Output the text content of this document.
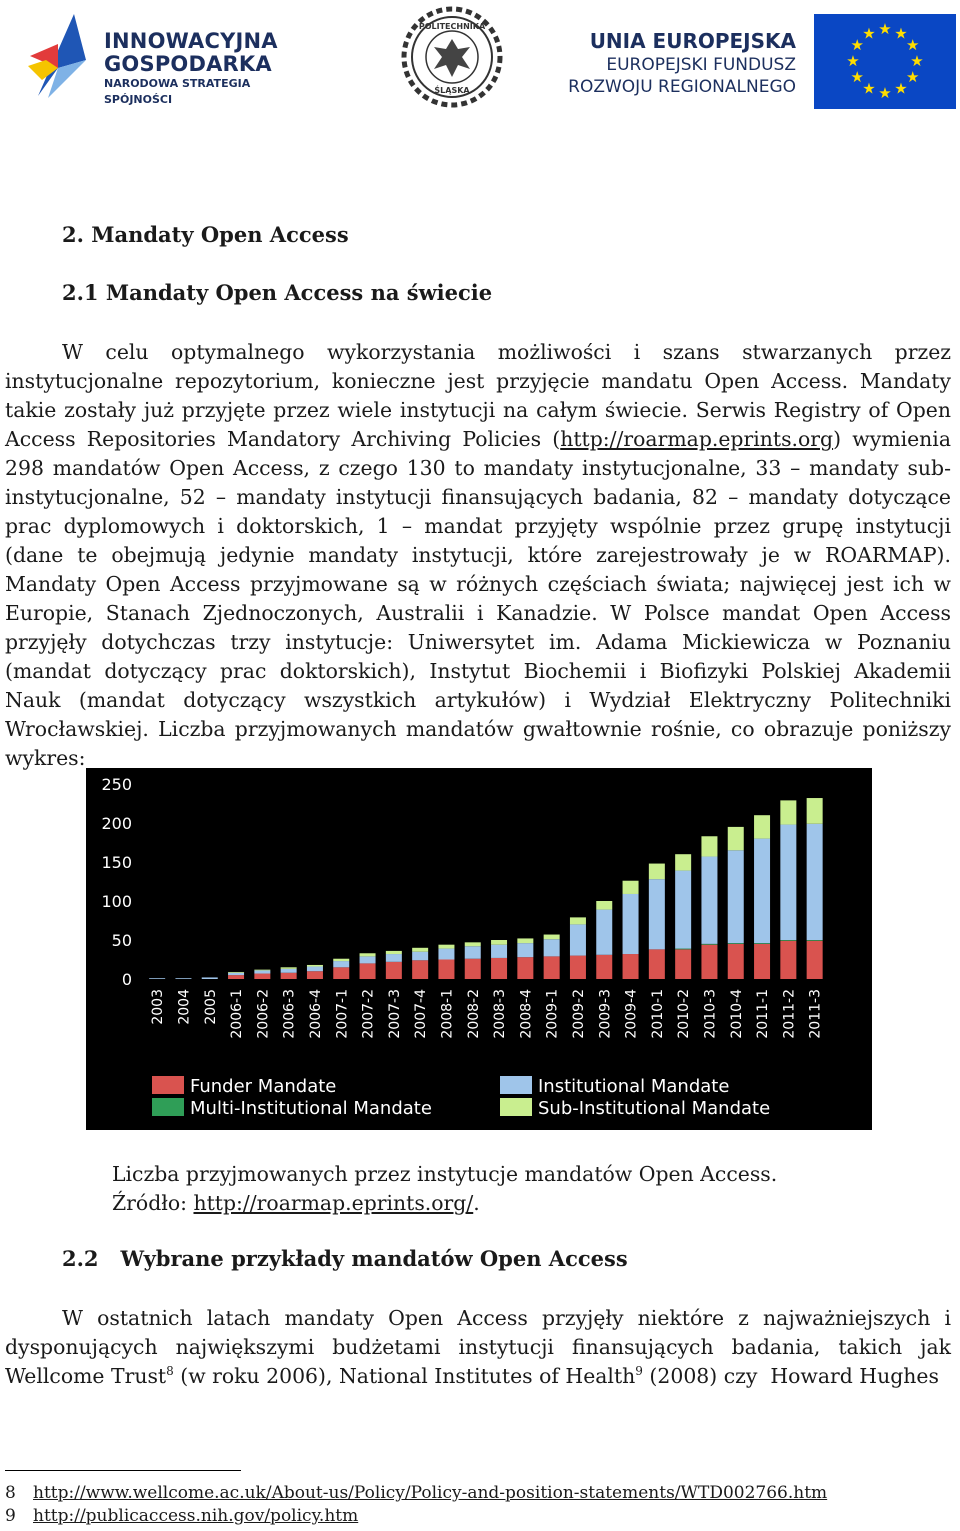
INNOWACYJNA
GOSPODARKA
NARODOWA STRATEGIA SPÓJNOŚCI
POLITECHNIKA
ŚLĄSKA
UNIA EUROPEJSKA
EUROPEJSKI FUNDUSZ
ROZWOJU REGIONALNEGO
★ ★
★
★
★
★
★
★
★
★
★
★
2. Mandaty Open Access
2.1 Mandaty Open Access na świecie

W celu optymalnego wykorzystania możliwości i szans stwarzanych przez instytucjonalne repozytorium, konieczne jest przyjęcie mandatu Open Access. Mandaty takie zostały już przyjęte przez wiele instytucji na całym świecie. Serwis Registry of Open Access Repositories Mandatory Archiving Policies (http://roarmap.eprints.org) wymienia 298 mandatów Open Access, z czego 130 to mandaty instytucjonalne, 33 – mandaty sub-instytucjonalne, 52 – mandaty instytucji finansujących badania, 82 – mandaty dotyczące prac dyplomowych i doktorskich, 1 – mandat przyjęty wspólnie przez grupę instytucji (dane te obejmują jedynie mandaty instytucji, które zarejestrowały je w ROARMAP). Mandaty Open Access przyjmowane są w różnych częściach świata; najwięcej jest ich w Europie, Stanach Zjednoczonych, Australii i Kanadzie. W Polsce mandat Open Access przyjęły dotychczas trzy instytucje: Uniwersytet im. Adama Mickiewicza w Poznaniu (mandat dotyczący prac doktorskich), Instytut Biochemii i Biofizyki Polskiej Akademii Nauk (mandat dotyczący wszystkich artykułów) i Wydział Elektryczny Politechniki Wrocławskiej. Liczba przyjmowanych mandatów gwałtownie rośnie, co obrazuje poniższy wykres:

0
50
100
150
200
250
2003 2004 2005 2006-1 2006-2 2006-3 2006-4 2007-1 2007-2 2007-3 2007-4 2008-1 2008-2 2008-3 2008-4 2009-1 2009-2 2009-3 2009-4 2010-1 2010-2 2010-3 2010-4 2011-1 2011-2 2011-3
Funder Mandate	Institutional Mandate
Multi-Institutional Mandate	Sub-Institutional Mandate
Liczba przyjmowanych przez instytucje mandatów Open Access.
Źródło: http://roarmap.eprints.org/.
2.2   Wybrane przykłady mandatów Open Access

W ostatnich latach mandaty Open Access przyjęły niektóre z najważniejszych i dysponujących największymi budżetami instytucji finansujących badania, takich jak Wellcome Trust$^8$ (w roku 2006), National Institutes of Health$^9$ (2008) czy  Howard Hughes

8 http://www.wellcome.ac.uk/About-us/Policy/Policy-and-position-statements/WTD002766.htm
9 http://publicaccess.nih.gov/policy.htm
